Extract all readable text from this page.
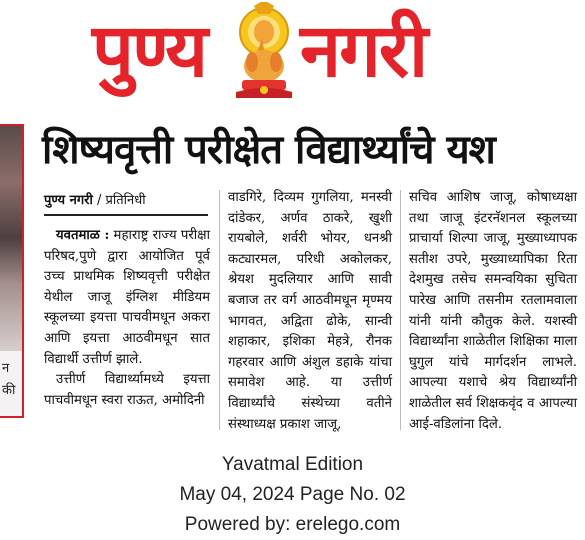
पुण्य नगरी
न
की
शिष्यवृत्ती परीक्षेत विद्यार्थ्यांचे यश
पुण्य नगरी / प्रतिनिधी

यवतमाळ : महाराष्ट्र राज्य परीक्षा परिषद,पुणे द्वारा आयोजित पूर्व उच्च प्राथमिक शिष्यवृत्ती परीक्षेत येथील जाजू इंग्लिश मीडियम स्कूलच्या इयत्ता पाचवीमधून अकरा आणि इयत्ता आठवीमधून सात विद्यार्थी उत्तीर्ण झाले.

उत्तीर्ण विद्यार्थ्यामध्ये इयत्ता पाचवीमधून स्वरा राऊत, अमोदिनी

वाडगिरे, दिव्यम गुगलिया, मनस्वी दांडेकर, अर्णव ठाकरे, खुशी रायबोले, शर्वरी भोयर, धनश्री कट्यारमल, परिधी अकोलकर, श्रेयश मुदलियार आणि सावी बजाज तर वर्ग आठवीमधून मृण्मय भागवत, अद्विता ढोके, सान्वी शहाकार, इशिका मेहत्रे, रौनक गहरवार आणि अंशुल डहाके यांचा समावेश आहे. या उत्तीर्ण विद्यार्थ्यांचे संस्थेच्या वतीने संस्थाध्यक्ष प्रकाश जाजू,

सचिव आशिष जाजू, कोषाध्यक्षा तथा जाजू इंटरनॅशनल स्कूलच्या प्राचार्या शिल्पा जाजू, मुख्याध्यापक सतीश उपरे, मुख्याध्यापिका रिता देशमुख तसेच समन्वयिका सुचिता पारेख आणि तसनीम रतलामवाला यांनी यांनी कौतुक केले. यशस्वी विद्यार्थ्यांना शाळेतील शिक्षिका माला घुगुल यांचे मार्गदर्शन लाभले. आपल्या यशाचे श्रेय विद्यार्थ्यांनी शाळेतील सर्व शिक्षकवृंद व आपल्या आई-वडिलांना दिले.

Yavatmal Edition
May 04, 2024 Page No. 02
Powered by: erelego.com
